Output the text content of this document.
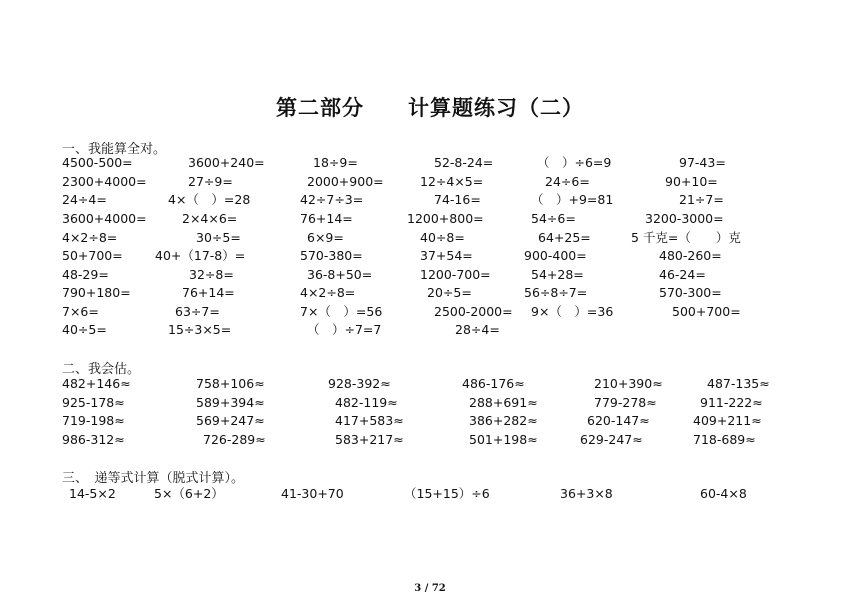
第二部分　　计算题练习（二）
一、我能算全对。
4500-500=	3600+240=	18÷9=	52-8-24=	（　）÷6=9	97-43=
2300+4000=	27÷9=	2000+900=	12÷4×5=	24÷6=	90+10=
24÷4=	4×（　）=28	42÷7÷3=	74-16=	（　）+9=81	21÷7=
3600+4000=	2×4×6=	76+14=	1200+800=	54÷6=	3200-3000=
4×2÷8=	30÷5=	6×9=	40÷8=	64+25=	5 千克=（　　）克
50+700=	40+（17-8）=	570-380=	37+54=	900-400=	480-260=
48-29=	32÷8=	36-8+50=	1200-700=	54+28=	46-24=
790+180=	76+14=	4×2÷8=	20÷5=	56÷8÷7=	570-300=
7×6=	63÷7=	7×（　）=56	2500-2000= 9×（　）=36	500+700=
40÷5=	15÷3×5=	（　）÷7=7	28÷4=
二、我会估。
482+146≈	758+106≈	928-392≈	486-176≈	210+390≈	487-135≈
925-178≈	589+394≈	482-119≈	288+691≈	779-278≈	911-222≈
719-198≈	569+247≈	417+583≈	386+282≈	620-147≈	409+211≈
986-312≈	726-289≈	583+217≈	501+198≈	629-247≈	718-689≈
三、　递等式计算（脱式计算）。
14-5×2	5×（6+2）	41-30+70	（15+15）÷6	36+3×8	60-4×8
3 / 72
